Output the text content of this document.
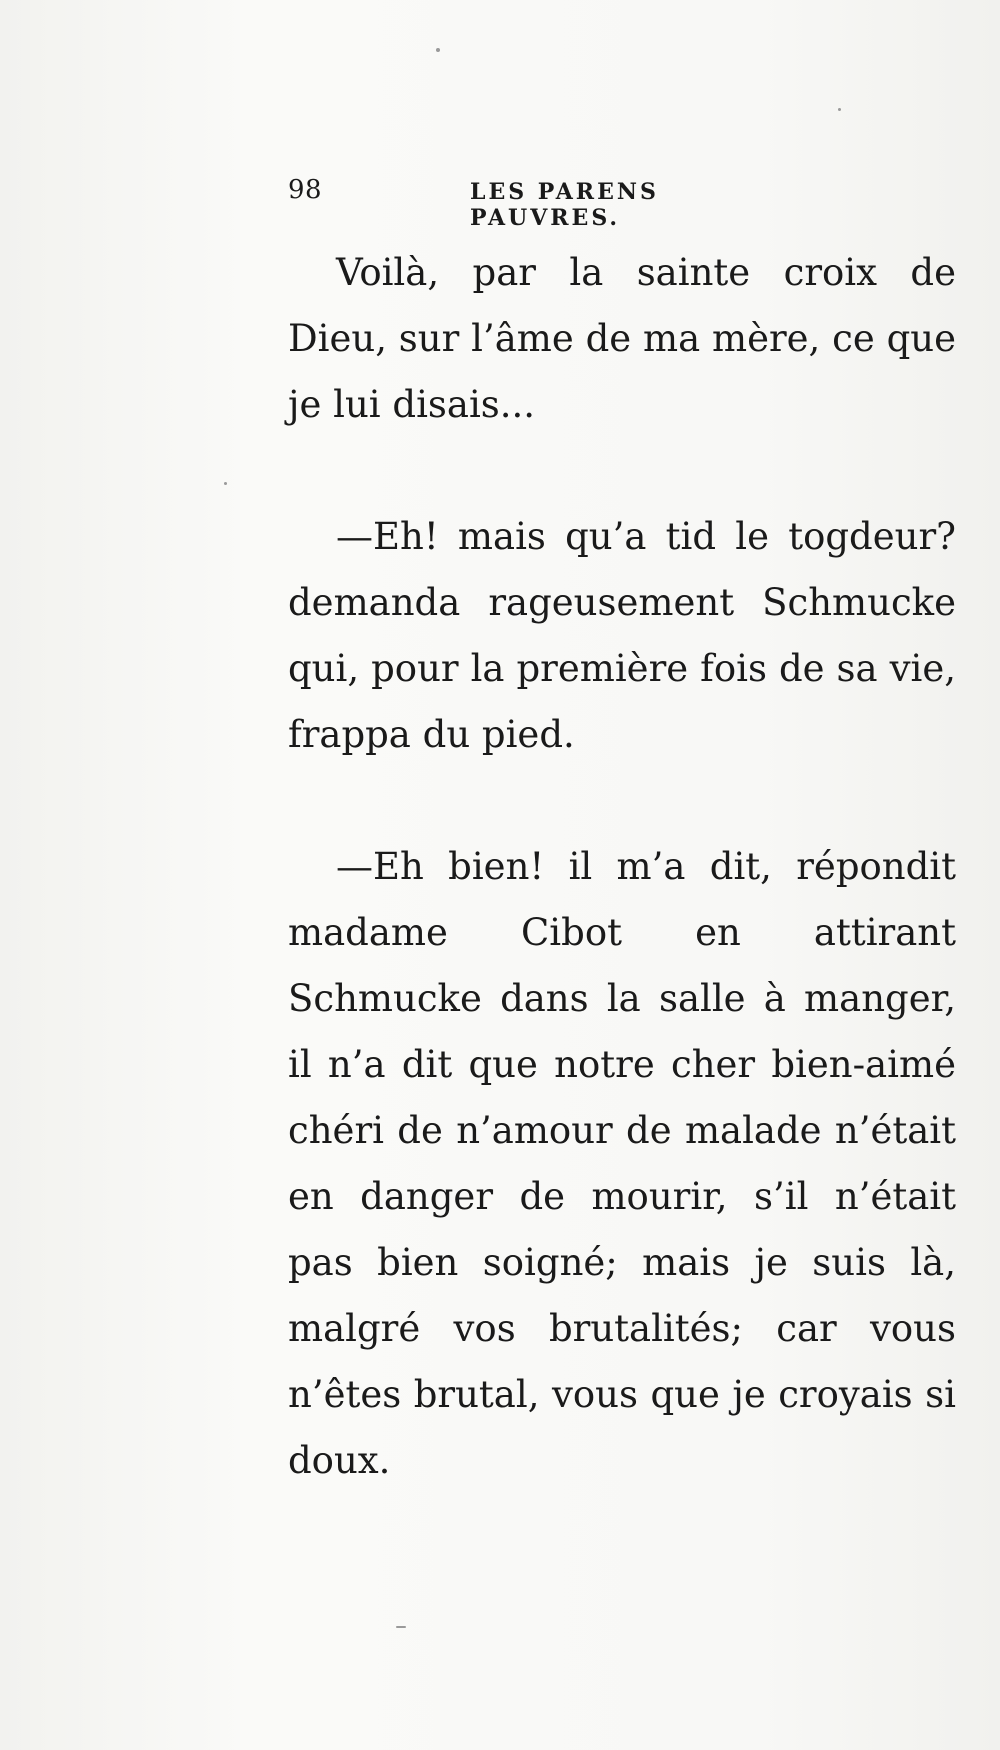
98	LES PARENS PAUVRES.

Voilà, par la sainte croix de Dieu, sur l’âme de ma mère, ce que je lui disais...

—Eh! mais qu’a tid le togdeur? demanda rageusement Schmucke qui, pour la première fois de sa vie, frappa du pied.

—Eh bien! il m’a dit, répondit madame Cibot en attirant Schmucke dans la salle à manger, il n’a dit que notre cher bien-aimé chéri de n’amour de malade n’était en danger de mourir, s’il n’était pas bien soigné; mais je suis là, malgré vos brutalités; car vous n’êtes brutal, vous que je croyais si doux.
